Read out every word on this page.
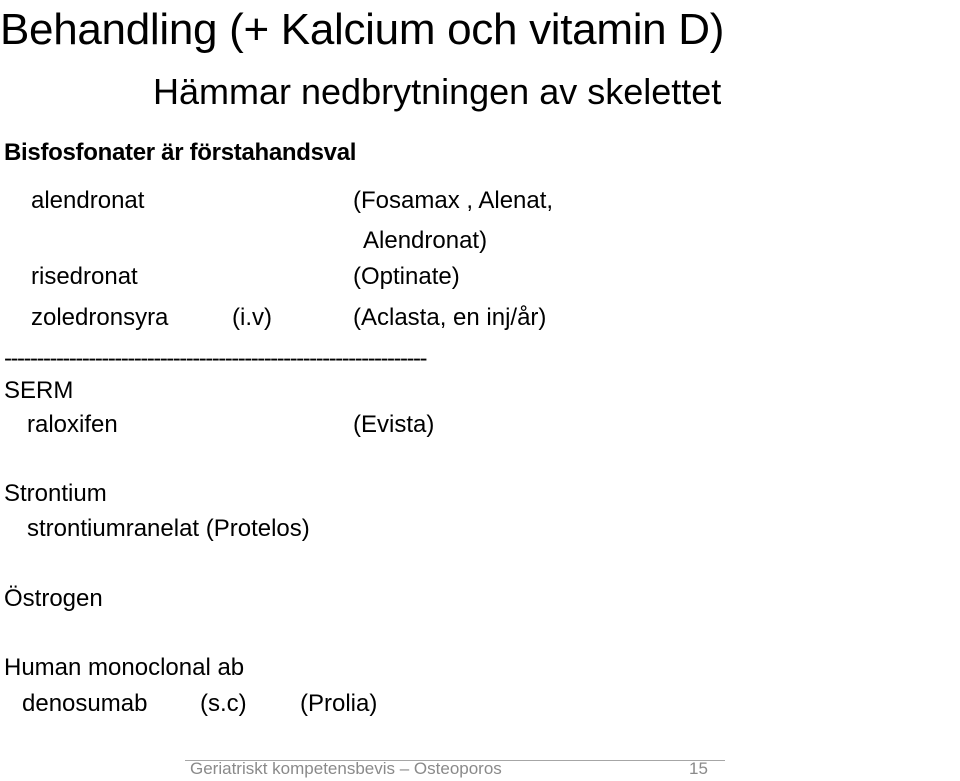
Behandling (+ Kalcium och vitamin D)
Hämmar nedbrytningen av skelettet
Bisfosfonater är förstahandsval
alendronat	(Fosamax , Alenat,
Alendronat)
risedronat	(Optinate)
zoledronsyra	(i.v)	(Aclasta, en inj/år)
-----------------------------------------------------------------
SERM
raloxifen	(Evista)
Strontium
strontiumranelat (Protelos)
Östrogen
Human monoclonal ab
denosumab (s.c) (Prolia)
Geriatriskt kompetensbevis – Osteoporos	15
